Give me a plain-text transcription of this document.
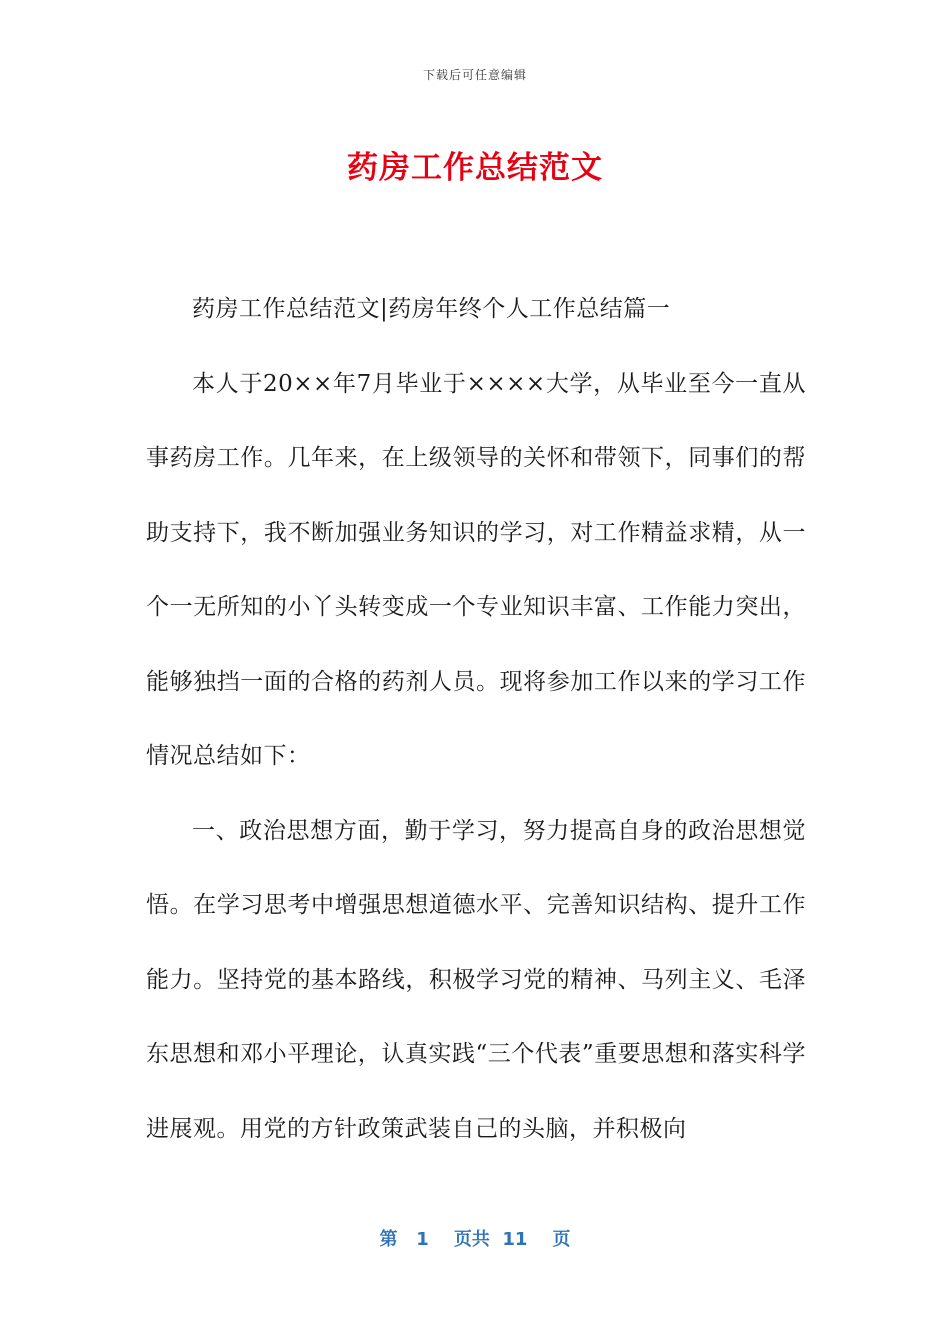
下载后可任意编辑
药房工作总结范文

药房工作总结范文|药房年终个人工作总结篇一

本人于20××年7月毕业于××××大学，从毕业至今一直从事药房工作。几年来，在上级领导的关怀和带领下，同事们的帮助支持下，我不断加强业务知识的学习，对工作精益求精，从一个一无所知的小丫头转变成一个专业知识丰富、工作能力突出，能够独挡一面的合格的药剂人员。现将参加工作以来的学习工作情况总结如下：

一、政治思想方面，勤于学习，努力提高自身的政治思想觉悟。在学习思考中增强思想道德水平、完善知识结构、提升工作能力。坚持党的基本路线，积极学习党的精神、马列主义、毛泽东思想和邓小平理论，认真实践“三个代表”重要思想和落实科学进展观。用党的方针政策武装自己的头脑，并积极向

第 1 页共 11 页
